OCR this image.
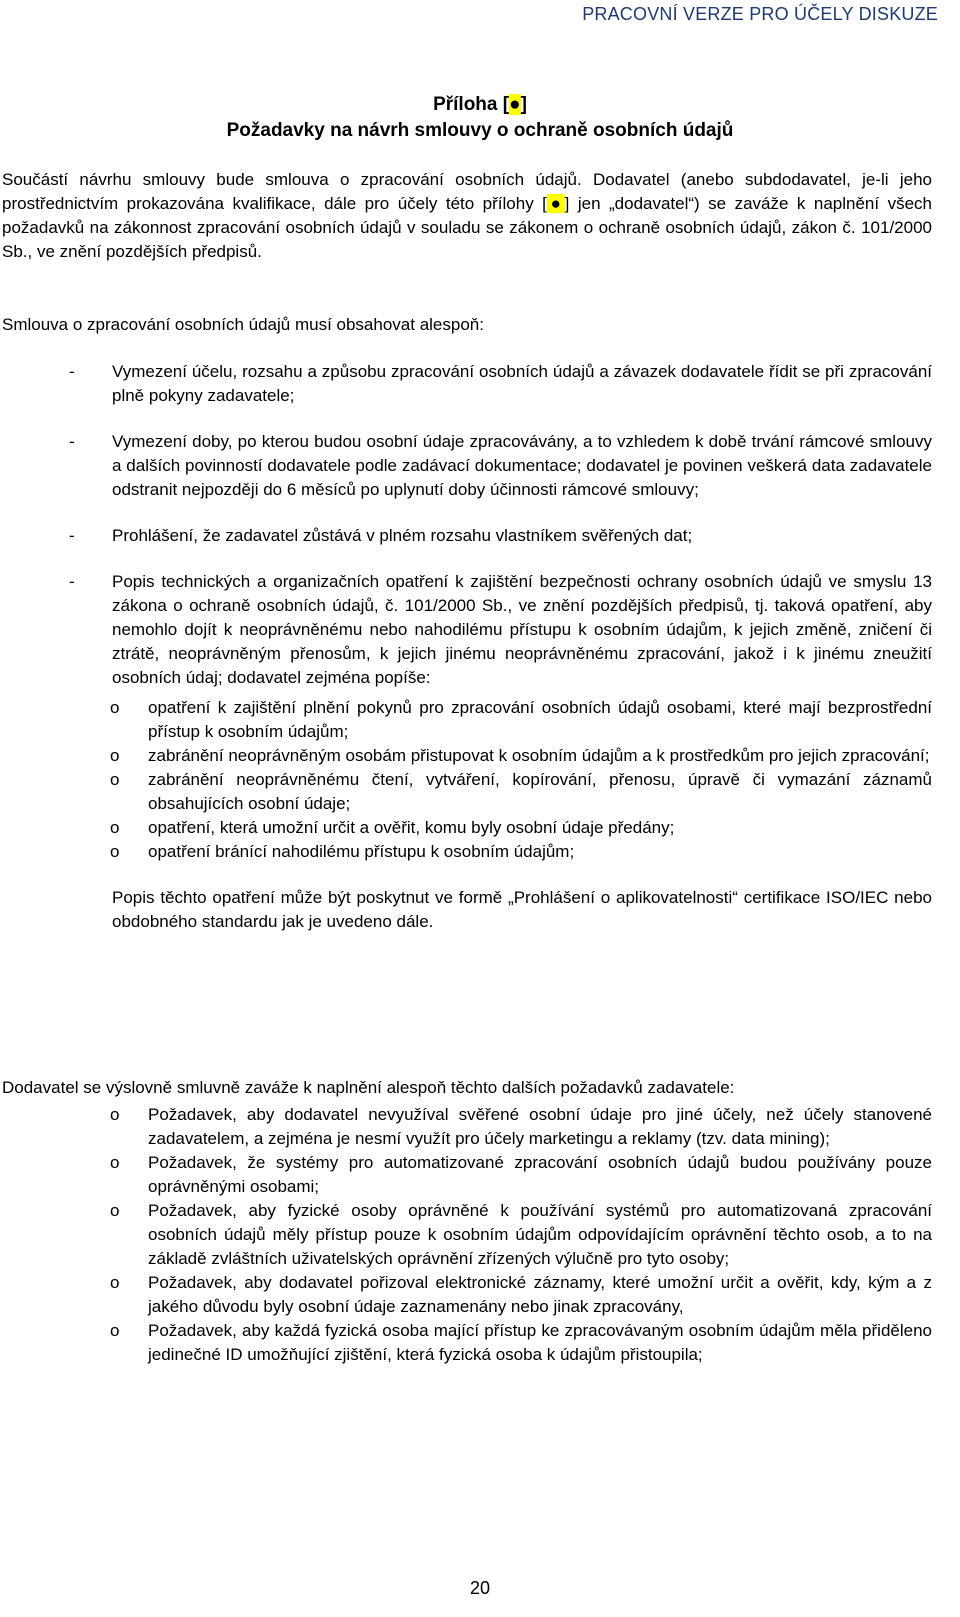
PRACOVNÍ VERZE PRO ÚČELY DISKUZE
Příloha [●]
Požadavky na návrh smlouvy o ochraně osobních údajů
Součástí návrhu smlouvy bude smlouva o zpracování osobních údajů. Dodavatel (anebo subdodavatel, je-li jeho prostřednictvím prokazována kvalifikace, dále pro účely této přílohy [●] jen „dodavatel“) se zaváže k naplnění všech požadavků na zákonnost zpracování osobních údajů v souladu se zákonem o ochraně osobních údajů, zákon č. 101/2000 Sb., ve znění pozdějších předpisů.
Smlouva o zpracování osobních údajů musí obsahovat alespoň:
- Vymezení účelu, rozsahu a způsobu zpracování osobních údajů a závazek dodavatele řídit se při zpracování plně pokyny zadavatele;
- Vymezení doby, po kterou budou osobní údaje zpracovávány, a to vzhledem k době trvání rámcové smlouvy a dalších povinností dodavatele podle zadávací dokumentace; dodavatel je povinen veškerá data zadavatele odstranit nejpozději do 6 měsíců po uplynutí doby účinnosti rámcové smlouvy;
- Prohlášení, že zadavatel zůstává v plném rozsahu vlastníkem svěřených dat;
- Popis technických a organizačních opatření k zajištění bezpečnosti ochrany osobních údajů ve smyslu 13 zákona o ochraně osobních údajů, č. 101/2000 Sb., ve znění pozdějších předpisů, tj. taková opatření, aby nemohlo dojít k neoprávněnému nebo nahodilému přístupu k osobním údajům, k jejich změně, zničení či ztrátě, neoprávněným přenosům, k jejich jinému neoprávněnému zpracování, jakož i k jinému zneužití osobních údaj; dodavatel zejména popíše:
o opatření k zajištění plnění pokynů pro zpracování osobních údajů osobami, které mají bezprostřední přístup k osobním údajům;
o zabránění neoprávněným osobám přistupovat k osobním údajům a k prostředkům pro jejich zpracování;
o zabránění neoprávněnému čtení, vytváření, kopírování, přenosu, úpravě či vymazání záznamů obsahujících osobní údaje;
o opatření, která umožní určit a ověřit, komu byly osobní údaje předány;
o opatření bránící nahodilému přístupu k osobním údajům;
Popis těchto opatření může být poskytnut ve formě „Prohlášení o aplikovatelnosti“ certifikace ISO/IEC nebo obdobného standardu jak je uvedeno dále.
Dodavatel se výslovně smluvně zaváže k naplnění alespoň těchto dalších požadavků zadavatele:
o Požadavek, aby dodavatel nevyužíval svěřené osobní údaje pro jiné účely, než účely stanovené zadavatelem, a zejména je nesmí využít pro účely marketingu a reklamy (tzv. data mining);
o Požadavek, že systémy pro automatizované zpracování osobních údajů budou používány pouze oprávněnými osobami;
o Požadavek, aby fyzické osoby oprávněné k používání systémů pro automatizovaná zpracování osobních údajů měly přístup pouze k osobním údajům odpovídajícím oprávnění těchto osob, a to na základě zvláštních uživatelských oprávnění zřízených výlučně pro tyto osoby;
o Požadavek, aby dodavatel pořizoval elektronické záznamy, které umožní určit a ověřit, kdy, kým a z jakého důvodu byly osobní údaje zaznamenány nebo jinak zpracovány,
o Požadavek, aby každá fyzická osoba mající přístup ke zpracovávaným osobním údajům měla přiděleno jedinečné ID umožňující zjištění, která fyzická osoba k údajům přistoupila;
20
